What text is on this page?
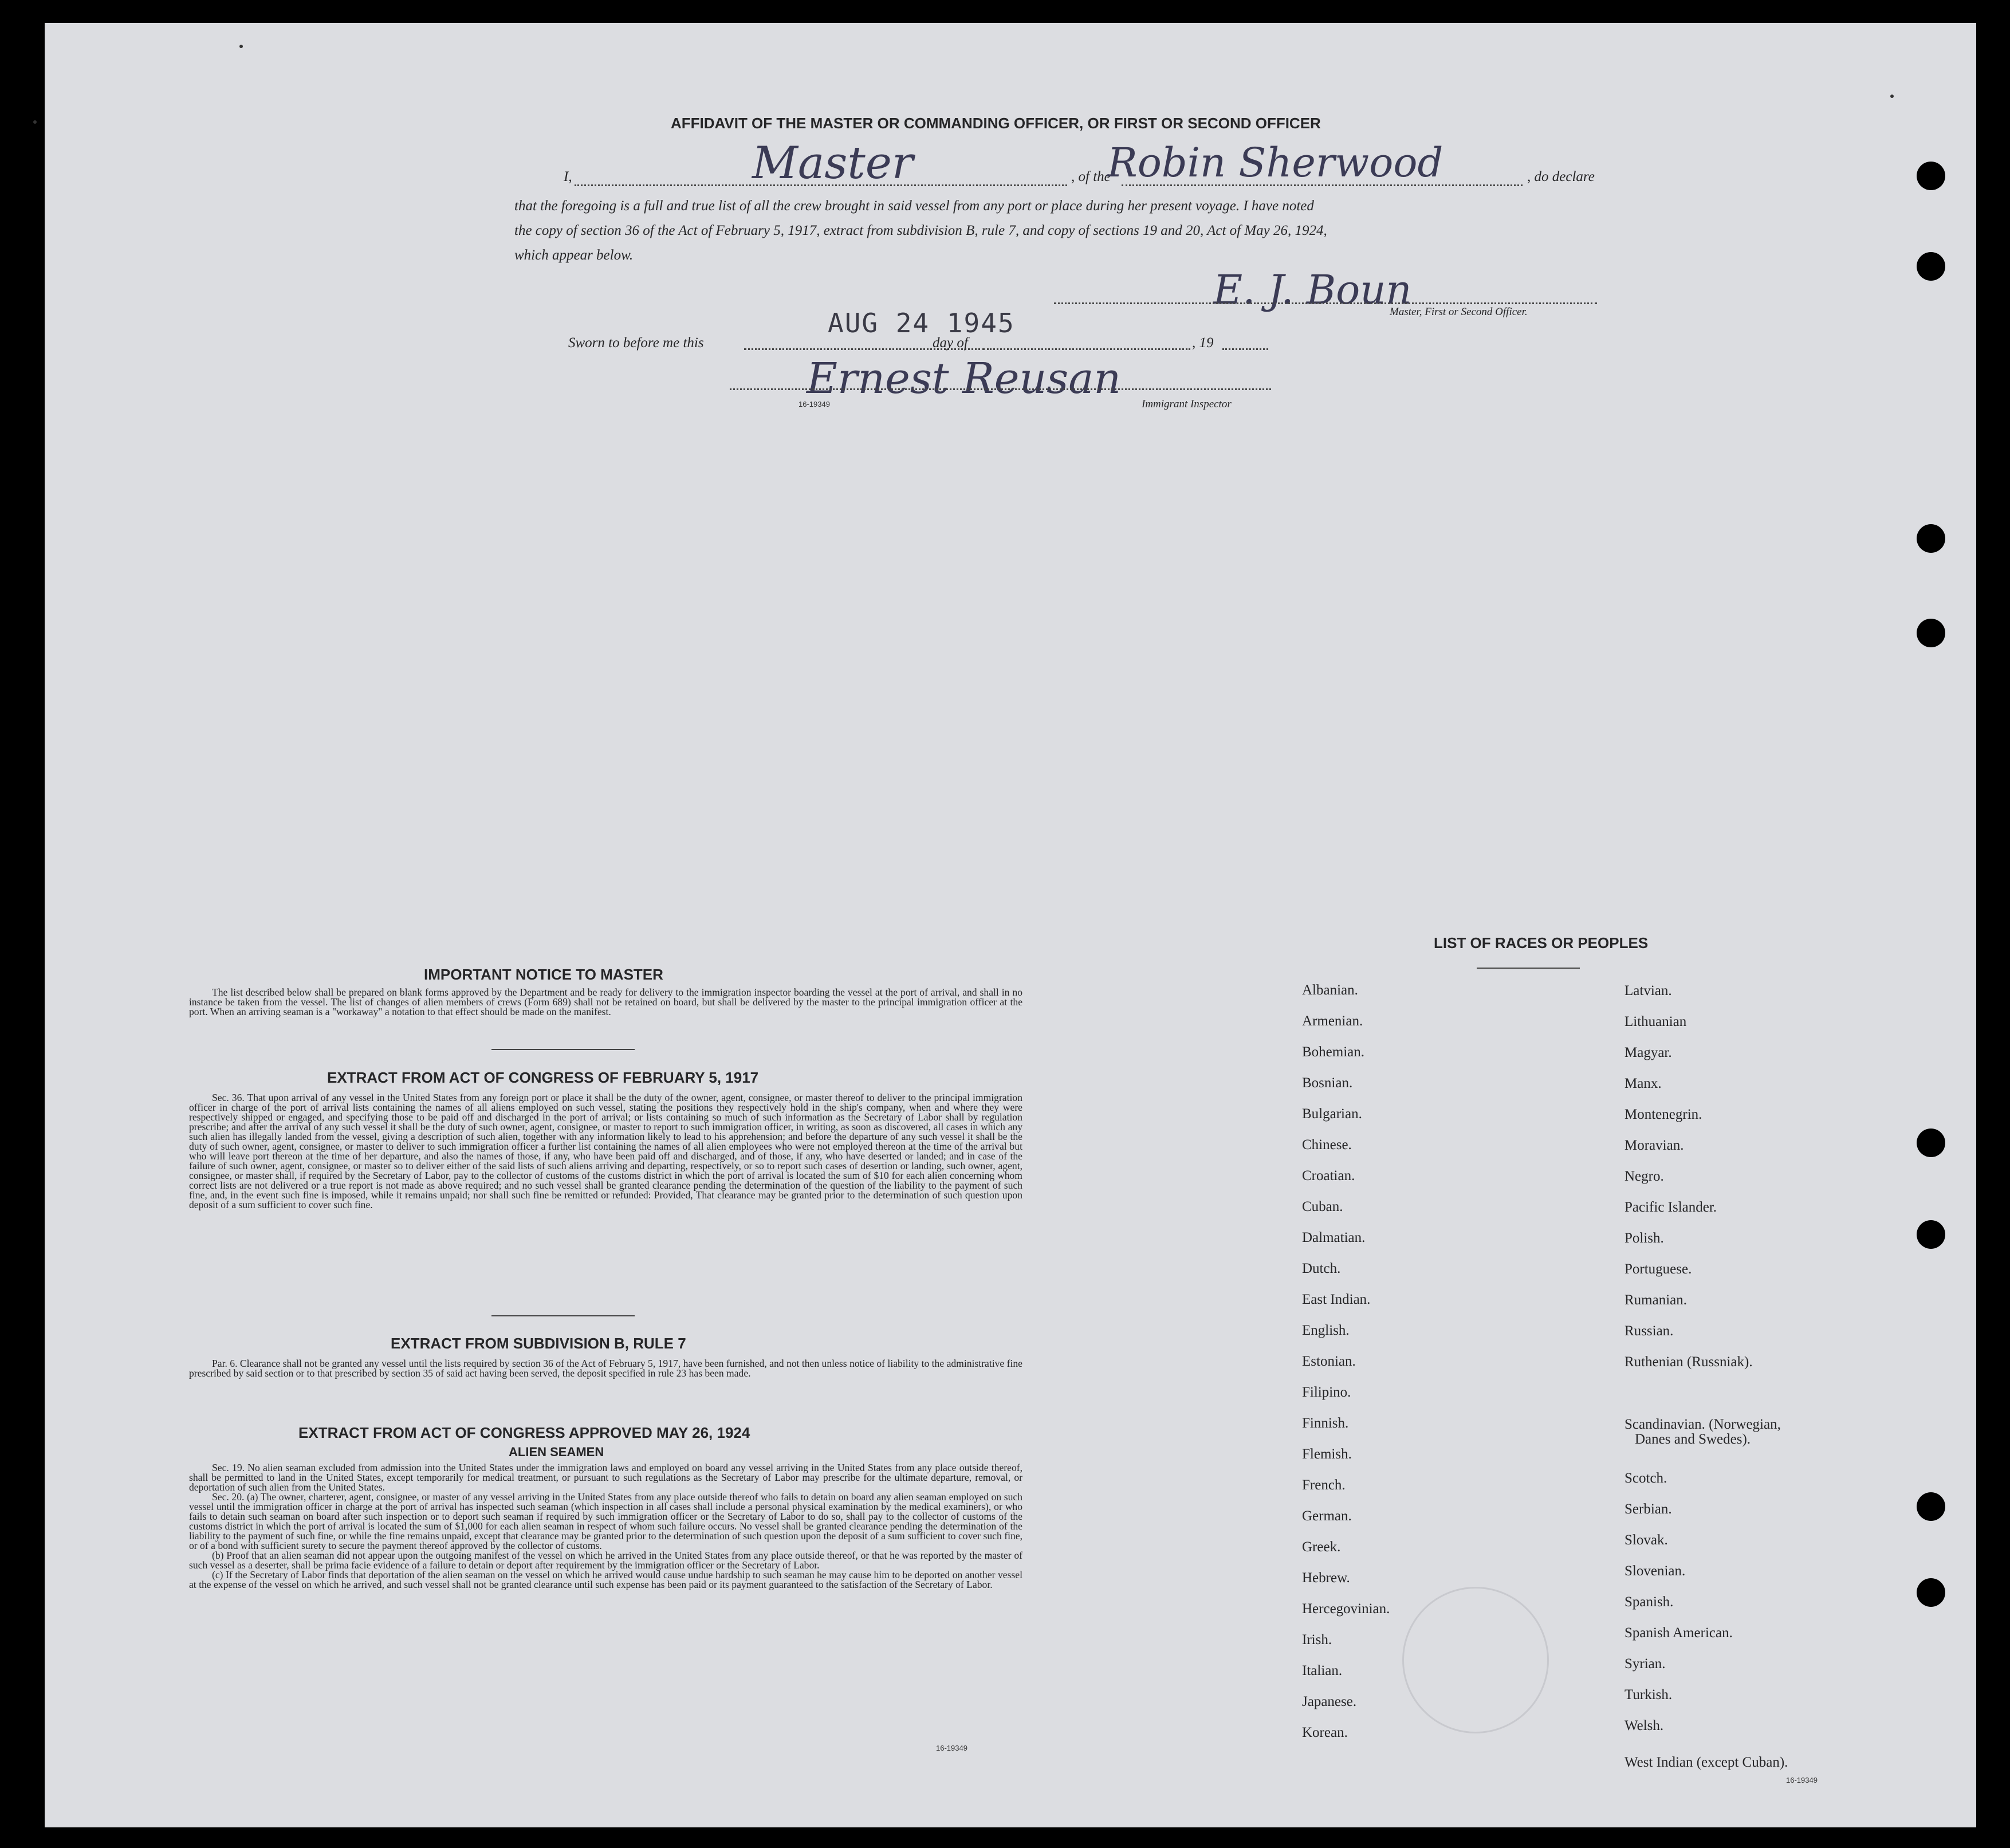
AFFIDAVIT OF THE MASTER OR COMMANDING OFFICER, OR FIRST OR SECOND OFFICER
I,	Master	, of the
Robin Sherwood	, do declare
that the foregoing is a full and true list of all the crew brought in said vessel from any port or place during her present voyage. I have noted
the copy of section 36 of the Act of February 5, 1917, extract from subdivision B, rule 7, and copy of sections 19 and 20, Act of May 26, 1924,
which appear below.
E. J. Boun
Master, First or Second Officer.
AUG 24 1945
Sworn to before me this	day of	, 19
Ernest Reusan
16-19349	Immigrant Inspector
IMPORTANT NOTICE TO MASTER

The list described below shall be prepared on blank forms approved by the Department and be ready for delivery to the immigration inspector boarding the vessel at the port of arrival, and shall in no instance be taken from the vessel. The list of changes of alien members of crews (Form 689) shall not be retained on board, but shall be delivered by the master to the principal immigration officer at the port. When an arriving seaman is a "workaway" a notation to that effect should be made on the manifest.

EXTRACT FROM ACT OF CONGRESS OF FEBRUARY 5, 1917

Sec. 36. That upon arrival of any vessel in the United States from any foreign port or place it shall be the duty of the owner, agent, consignee, or master thereof to deliver to the principal immigration officer in charge of the port of arrival lists containing the names of all aliens employed on such vessel, stating the positions they respectively hold in the ship's company, when and where they were respectively shipped or engaged, and specifying those to be paid off and discharged in the port of arrival; or lists containing so much of such information as the Secretary of Labor shall by regulation prescribe; and after the arrival of any such vessel it shall be the duty of such owner, agent, consignee, or master to report to such immigration officer, in writing, as soon as discovered, all cases in which any such alien has illegally landed from the vessel, giving a description of such alien, together with any information likely to lead to his apprehension; and before the departure of any such vessel it shall be the duty of such owner, agent, consignee, or master to deliver to such immigration officer a further list containing the names of all alien employees who were not employed thereon at the time of the arrival but who will leave port thereon at the time of her departure, and also the names of those, if any, who have been paid off and discharged, and of those, if any, who have deserted or landed; and in case of the failure of such owner, agent, consignee, or master so to deliver either of the said lists of such aliens arriving and departing, respectively, or so to report such cases of desertion or landing, such owner, agent, consignee, or master shall, if required by the Secretary of Labor, pay to the collector of customs of the customs district in which the port of arrival is located the sum of $10 for each alien concerning whom correct lists are not delivered or a true report is not made as above required; and no such vessel shall be granted clearance pending the determination of the question of the liability to the payment of such fine, and, in the event such fine is imposed, while it remains unpaid; nor shall such fine be remitted or refunded: Provided, That clearance may be granted prior to the determination of such question upon deposit of a sum sufficient to cover such fine.

EXTRACT FROM SUBDIVISION B, RULE 7

Par. 6. Clearance shall not be granted any vessel until the lists required by section 36 of the Act of February 5, 1917, have been furnished, and not then unless notice of liability to the administrative fine prescribed by said section or to that prescribed by section 35 of said act having been served, the deposit specified in rule 23 has been made.

EXTRACT FROM ACT OF CONGRESS APPROVED MAY 26, 1924
ALIEN SEAMEN

Sec. 19. No alien seaman excluded from admission into the United States under the immigration laws and employed on board any vessel arriving in the United States from any place outside thereof, shall be permitted to land in the United States, except temporarily for medical treatment, or pursuant to such regulations as the Secretary of Labor may prescribe for the ultimate departure, removal, or deportation of such alien from the United States.

Sec. 20. (a) The owner, charterer, agent, consignee, or master of any vessel arriving in the United States from any place outside thereof who fails to detain on board any alien seaman employed on such vessel until the immigration officer in charge at the port of arrival has inspected such seaman (which inspection in all cases shall include a personal physical examination by the medical examiners), or who fails to detain such seaman on board after such inspection or to deport such seaman if required by such immigration officer or the Secretary of Labor to do so, shall pay to the collector of customs of the customs district in which the port of arrival is located the sum of $1,000 for each alien seaman in respect of whom such failure occurs. No vessel shall be granted clearance pending the determination of the liability to the payment of such fine, or while the fine remains unpaid, except that clearance may be granted prior to the determination of such question upon the deposit of a sum sufficient to cover such fine, or of a bond with sufficient surety to secure the payment thereof approved by the collector of customs.

(b) Proof that an alien seaman did not appear upon the outgoing manifest of the vessel on which he arrived in the United States from any place outside thereof, or that he was reported by the master of such vessel as a deserter, shall be prima facie evidence of a failure to detain or deport after requirement by the immigration officer or the Secretary of Labor.

(c) If the Secretary of Labor finds that deportation of the alien seaman on the vessel on which he arrived would cause undue hardship to such seaman he may cause him to be deported on another vessel at the expense of the vessel on which he arrived, and such vessel shall not be granted clearance until such expense has been paid or its payment guaranteed to the satisfaction of the Secretary of Labor.

16-19349
LIST OF RACES OR PEOPLES
Albanian.
Armenian.
Bohemian.
Bosnian.
Bulgarian.
Chinese.
Croatian.
Cuban.
Dalmatian.
Dutch.
East Indian.
English.
Estonian.
Filipino.
Finnish.
Flemish.
French.
German.
Greek.
Hebrew.
Hercegovinian.
Irish.
Italian.
Japanese.
Korean.
Latvian.
Lithuanian
Magyar.
Manx.
Montenegrin.
Moravian.
Negro.
Pacific Islander.
Polish.
Portuguese.
Rumanian.
Russian.
Ruthenian (Russniak).
Scandinavian. (Norwegian,
Danes and Swedes).
Scotch.
Serbian.
Slovak.
Slovenian.
Spanish.
Spanish American.
Syrian.
Turkish.
Welsh.
West Indian (except Cuban).
16-19349
